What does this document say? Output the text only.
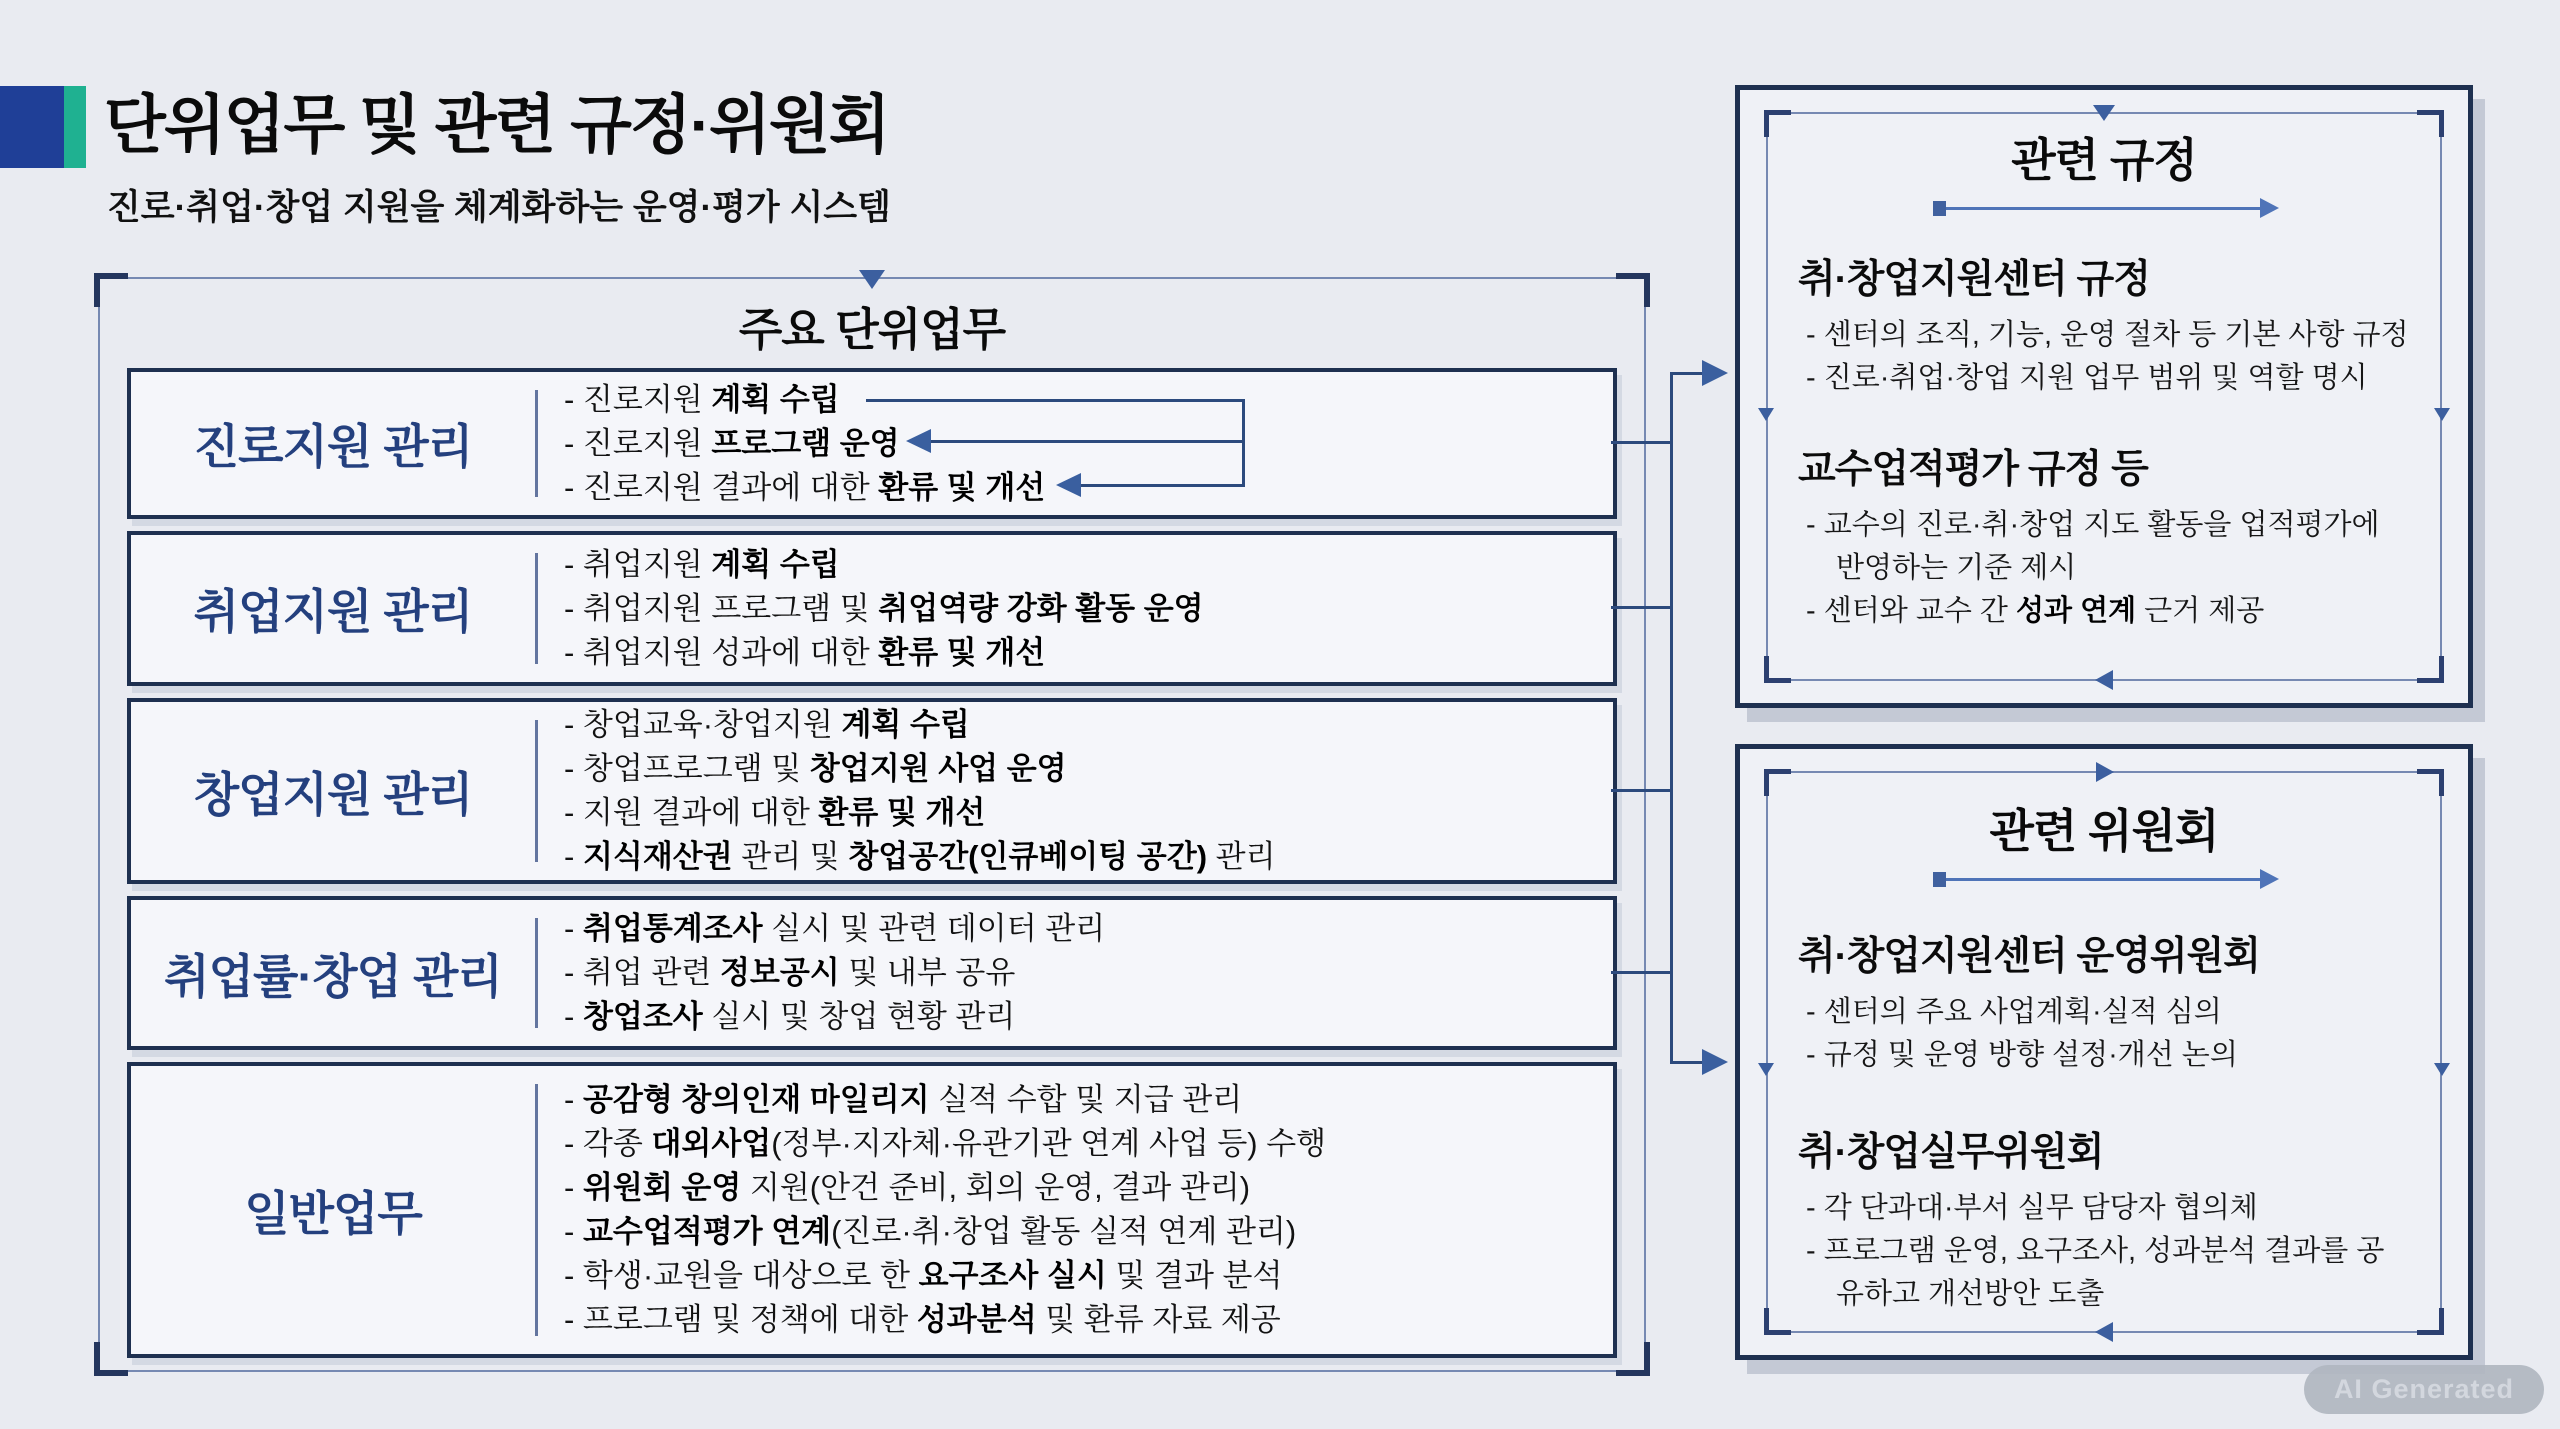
단위업무 및 관련 규정·위원회
진로·취업·창업 지원을 체계화하는 운영·평가 시스템
주요 단위업무
진로지원 관리
- 진로지원 계획 수립
- 진로지원 프로그램 운영
- 진로지원 결과에 대한 환류 및 개선
취업지원 관리
- 취업지원 계획 수립
- 취업지원 프로그램 및 취업역량 강화 활동 운영
- 취업지원 성과에 대한 환류 및 개선
창업지원 관리
- 창업교육·창업지원 계획 수립
- 창업프로그램 및 창업지원 사업 운영
- 지원 결과에 대한 환류 및 개선
- 지식재산권 관리 및 창업공간(인큐베이팅 공간) 관리
취업률·창업 관리
- 취업통계조사 실시 및 관련 데이터 관리
- 취업 관련 정보공시 및 내부 공유
- 창업조사 실시 및 창업 현황 관리
일반업무
- 공감형 창의인재 마일리지 실적 수합 및 지급 관리
- 각종 대외사업(정부·지자체·유관기관 연계 사업 등) 수행
- 위원회 운영 지원(안건 준비, 회의 운영, 결과 관리)
- 교수업적평가 연계(진로·취·창업 활동 실적 연계 관리)
- 학생·교원을 대상으로 한 요구조사 실시 및 결과 분석
- 프로그램 및 정책에 대한 성과분석 및 환류 자료 제공
관련 규정
취·창업지원센터 규정
- 센터의 조직, 기능, 운영 절차 등 기본 사항 규정
- 진로·취업·창업 지원 업무 범위 및 역할 명시
교수업적평가 규정 등
- 교수의 진로·취·창업 지도 활동을 업적평가에 반영하는 기준 제시
- 센터와 교수 간 성과 연계 근거 제공
관련 위원회
취·창업지원센터 운영위원회
- 센터의 주요 사업계획·실적 심의
- 규정 및 운영 방향 설정·개선 논의
취·창업실무위원회
- 각 단과대·부서 실무 담당자 협의체
- 프로그램 운영, 요구조사, 성과분석 결과를 공유하고 개선방안 도출
AI Generated
